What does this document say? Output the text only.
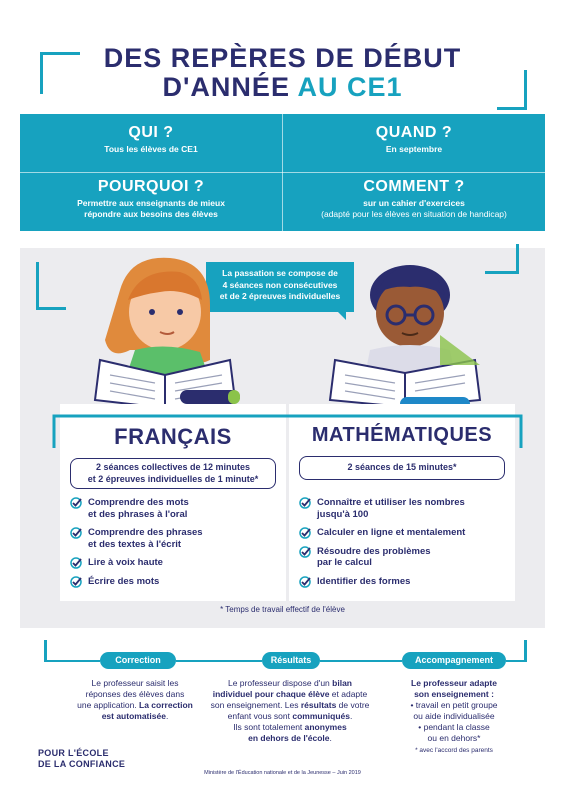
DES REPÈRES DE DÉBUT
D'ANNÉE AU CE1
QUI ?

Tous les élèves de CE1

QUAND ?

En septembre

POURQUOI ?

Permettre aux enseignants de mieux
répondre aux besoins des élèves

COMMENT ?

sur un cahier d'exercices
(adapté pour les élèves en situation de handicap)

La passation se compose de
4 séances non consécutives
et de 2 épreuves individuelles
FRANÇAIS
2 séances collectives de 12 minutes
et 2 épreuves individuelles de 1 minute*
Comprendre des mots
et des phrases à l'oral
Comprendre des phrases
et des textes à l'écrit
Lire à voix haute
Écrire des mots
MATHÉMATIQUES
2 séances de 15 minutes*
Connaître et utiliser les nombres
jusqu'à 100
Calculer en ligne et mentalement
Résoudre des problèmes
par le calcul
Identifier des formes
* Temps de travail effectif de l'élève
Correction	Résultats	Accompagnement
Le professeur saisit les
réponses des élèves dans
une application. La correction
est automatisée.
Le professeur dispose d'un bilan
individuel pour chaque élève et adapte
son enseignement. Les résultats de votre
enfant vous sont communiqués.
Ils sont totalement anonymes
en dehors de l'école.
Le professeur adapte
son enseignement :
• travail en petit groupe
ou aide individualisée
• pendant la classe
ou en dehors*
* avec l'accord des parents
POUR L'ÉCOLE
DE LA CONFIANCE
Ministère de l'Éducation nationale et de la Jeunesse – Juin 2019
